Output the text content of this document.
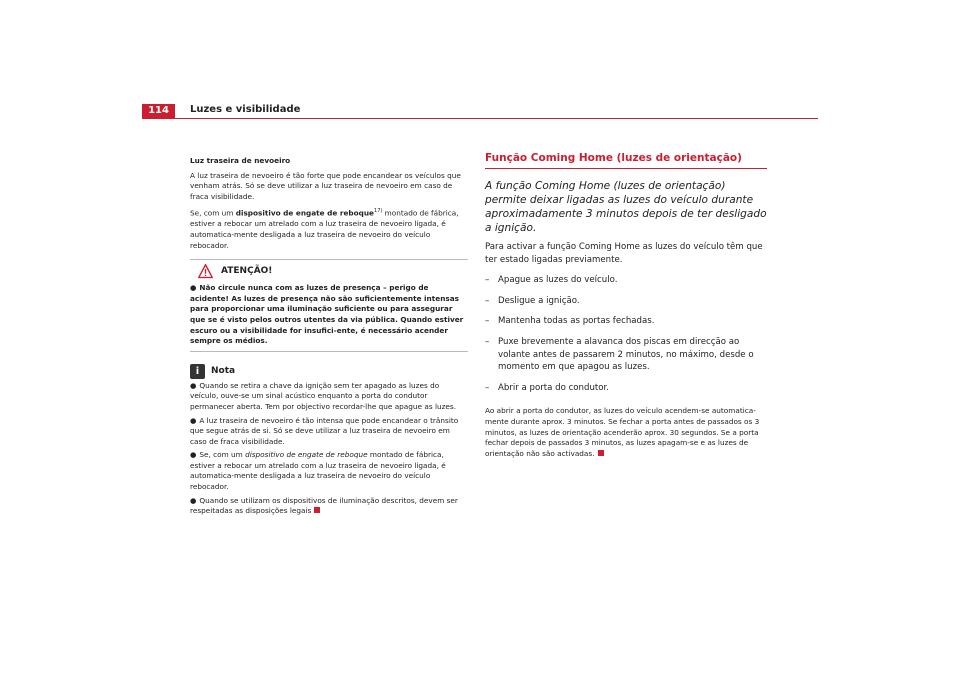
114	Luzes e visibilidade

Luz traseira de nevoeiro

A luz traseira de nevoeiro é tão forte que pode encandear os veículos que venham atrás. Só se deve utilizar a luz traseira de nevoeiro em caso de fraca visibilidade.

Se, com um dispositivo de engate de reboque$^{17)}$ montado de fábrica, estiver a rebocar um atrelado com a luz traseira de nevoeiro ligada, é automatica-mente desligada a luz traseira de nevoeiro do veículo rebocador.

ATENÇÃO!
● Não circule nunca com as luzes de presença – perigo de acidente! As luzes de presença não são suficientemente intensas para proporcionar uma iluminação suficiente ou para assegurar que se é visto pelos outros utentes da via pública. Quando estiver escuro ou a visibilidade for insufici-ente, é necessário acender sempre os médios.
i	Nota

● Quando se retira a chave da ignição sem ter apagado as luzes do veículo, ouve-se um sinal acústico enquanto a porta do condutor permanecer aberta. Tem por objectivo recordar-lhe que apague as luzes.

● A luz traseira de nevoeiro é tão intensa que pode encandear o trânsito que segue atrás de si. Só se deve utilizar a luz traseira de nevoeiro em caso de fraca visibilidade.

● Se, com um dispositivo de engate de reboque montado de fábrica, estiver a rebocar um atrelado com a luz traseira de nevoeiro ligada, é automatica-mente desligada a luz traseira de nevoeiro do veículo rebocador.

● Quando se utilizam os dispositivos de iluminação descritos, devem ser respeitadas as disposições legais

Função Coming Home (luzes de orientação)
A função Coming Home (luzes de orientação) permite deixar ligadas as luzes do veículo durante aproximadamente 3 minutos depois de ter desligado a ignição.
Para activar a função Coming Home as luzes do veículo têm que ter estado ligadas previamente.
–	Apague as luzes do veículo.
–	Desligue a ignição.
–	Mantenha todas as portas fechadas.
–	Puxe brevemente a alavanca dos piscas em direcção ao volante antes de passarem 2 minutos, no máximo, desde o momento em que apagou as luzes.
–	Abrir a porta do condutor.
Ao abrir a porta do condutor, as luzes do veículo acendem-se automatica-mente durante aprox. 3 minutos. Se fechar a porta antes de passados os 3 minutos, as luzes de orientação acenderão aprox. 30 segundos. Se a porta fechar depois de passados 3 minutos, as luzes apagam-se e as luzes de orientação não são activadas.
